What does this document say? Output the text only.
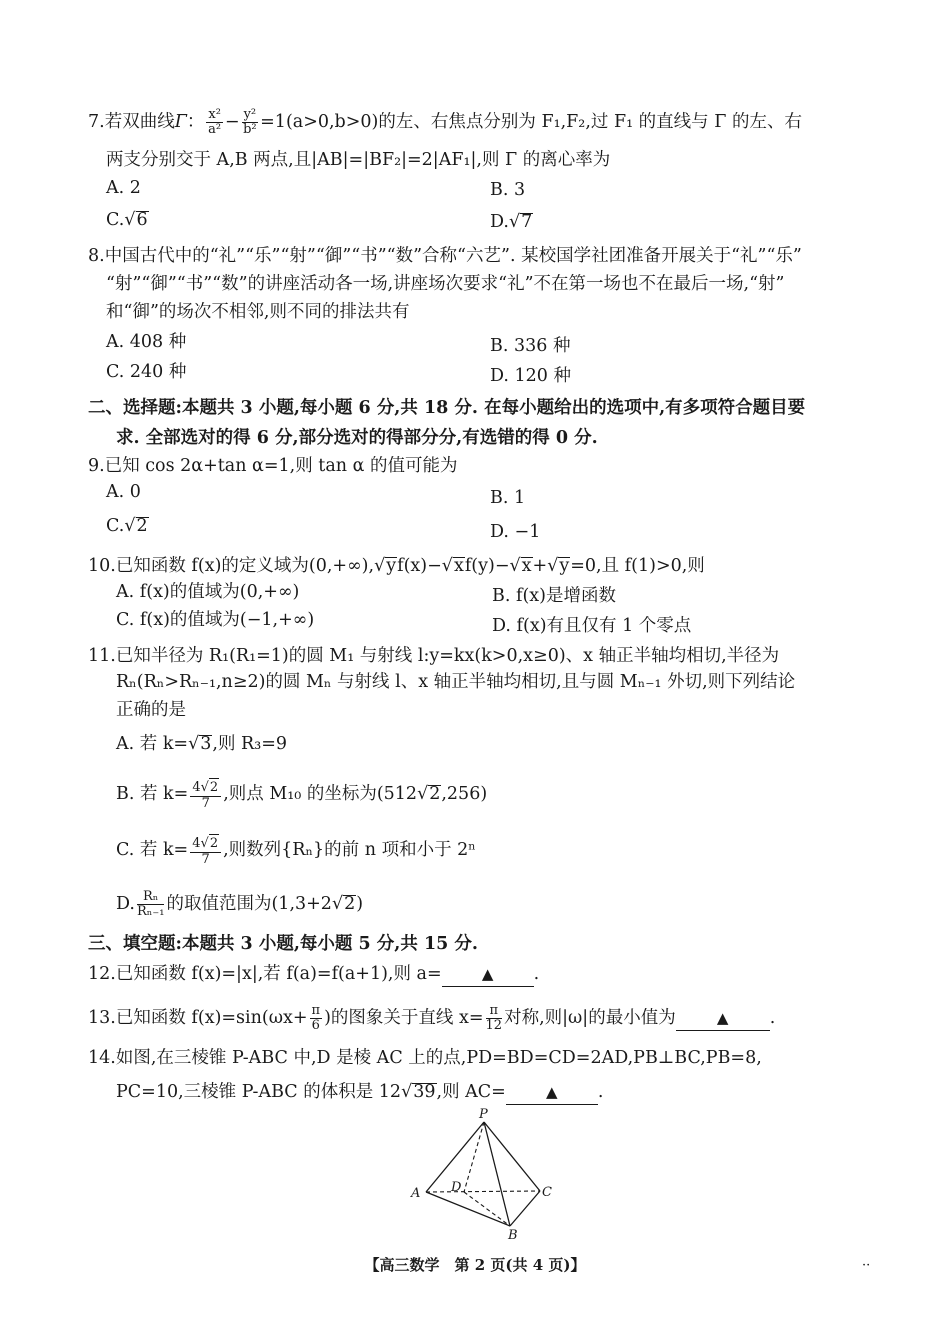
7.若双曲线Γ： $\frac{\text{x²}}{\text{a²}} - \frac{\text{y²}}{\text{b²}} =1(a>0,b>0)$的左、右焦点分别为 F₁,F₂,过 F₁ 的直线与 Γ 的左、右
两支分别交于 A,B 两点,且|AB|=|BF₂|=2|AF₁|,则 Γ 的离心率为
A. 2	B. 3
C.√6	D.√7
8.中国古代中的“礼”“乐”“射”“御”“书”“数”合称“六艺”. 某校国学社团准备开展关于“礼”“乐”
“射”“御”“书”“数”的讲座活动各一场,讲座场次要求“礼”不在第一场也不在最后一场,“射”
和“御”的场次不相邻,则不同的排法共有
A. 408 种	B. 336 种
C. 240 种	D. 120 种
二、选择题:本题共 3 小题,每小题 6 分,共 18 分. 在每小题给出的选项中,有多项符合题目要
求. 全部选对的得 6 分,部分选对的得部分分,有选错的得 0 分.
9.已知 cos 2α+tan α=1,则 tan α 的值可能为
A. 0	B. 1
C.√2	D. −1
10.已知函数 f(x)的定义域为(0,+∞),√yf(x)−√xf(y)−√x+√y=0,且 f(1)>0,则
A. f(x)的值域为(0,+∞)	B. f(x)是增函数
C. f(x)的值域为(−1,+∞)	D. f(x)有且仅有 1 个零点
11.已知半径为 R₁(R₁=1)的圆 M₁ 与射线 l:y=kx(k>0,x≥0)、x 轴正半轴均相切,半径为
Rₙ(Rₙ>Rₙ₋₁,n≥2)的圆 Mₙ 与射线 l、x 轴正半轴均相切,且与圆 Mₙ₋₁ 外切,则下列结论
正确的是
A. 若 k=√3,则 R₃=9
B. 若 $k= \frac{4√2}{7}$ ,则点 M₁₀ 的坐标为(512√2,256)
C. 若 $k= \frac{4√2}{7}$ ,则数列{Rₙ}的前 n 项和小于 2ⁿ
D. $\frac{\text{Rₙ}}{\text{Rₙ₋₁}}$ 的取值范围为(1,3+2√2)
三、填空题:本题共 3 小题,每小题 5 分,共 15 分.
12.已知函数 f(x)=|x|,若 f(a)=f(a+1),则 a=	▲ .
13.已知函数 $f(x)=\sin(\omega x+ \frac{\pi}{6}$ )的图象关于直线 $x= \frac{\pi}{12}$ 对称,则|ω|的最小值为	▲ .
14.如图,在三棱锥 P-ABC 中,D 是棱 AC 上的点,PD=BD=CD=2AD,PB⊥BC,PB=8,
PC=10,三棱锥 P-ABC 的体积是 12√39,则 AC=	▲ .
P
A
B
C
D
【高三数学　第 2 页(共 4 页)】	··
